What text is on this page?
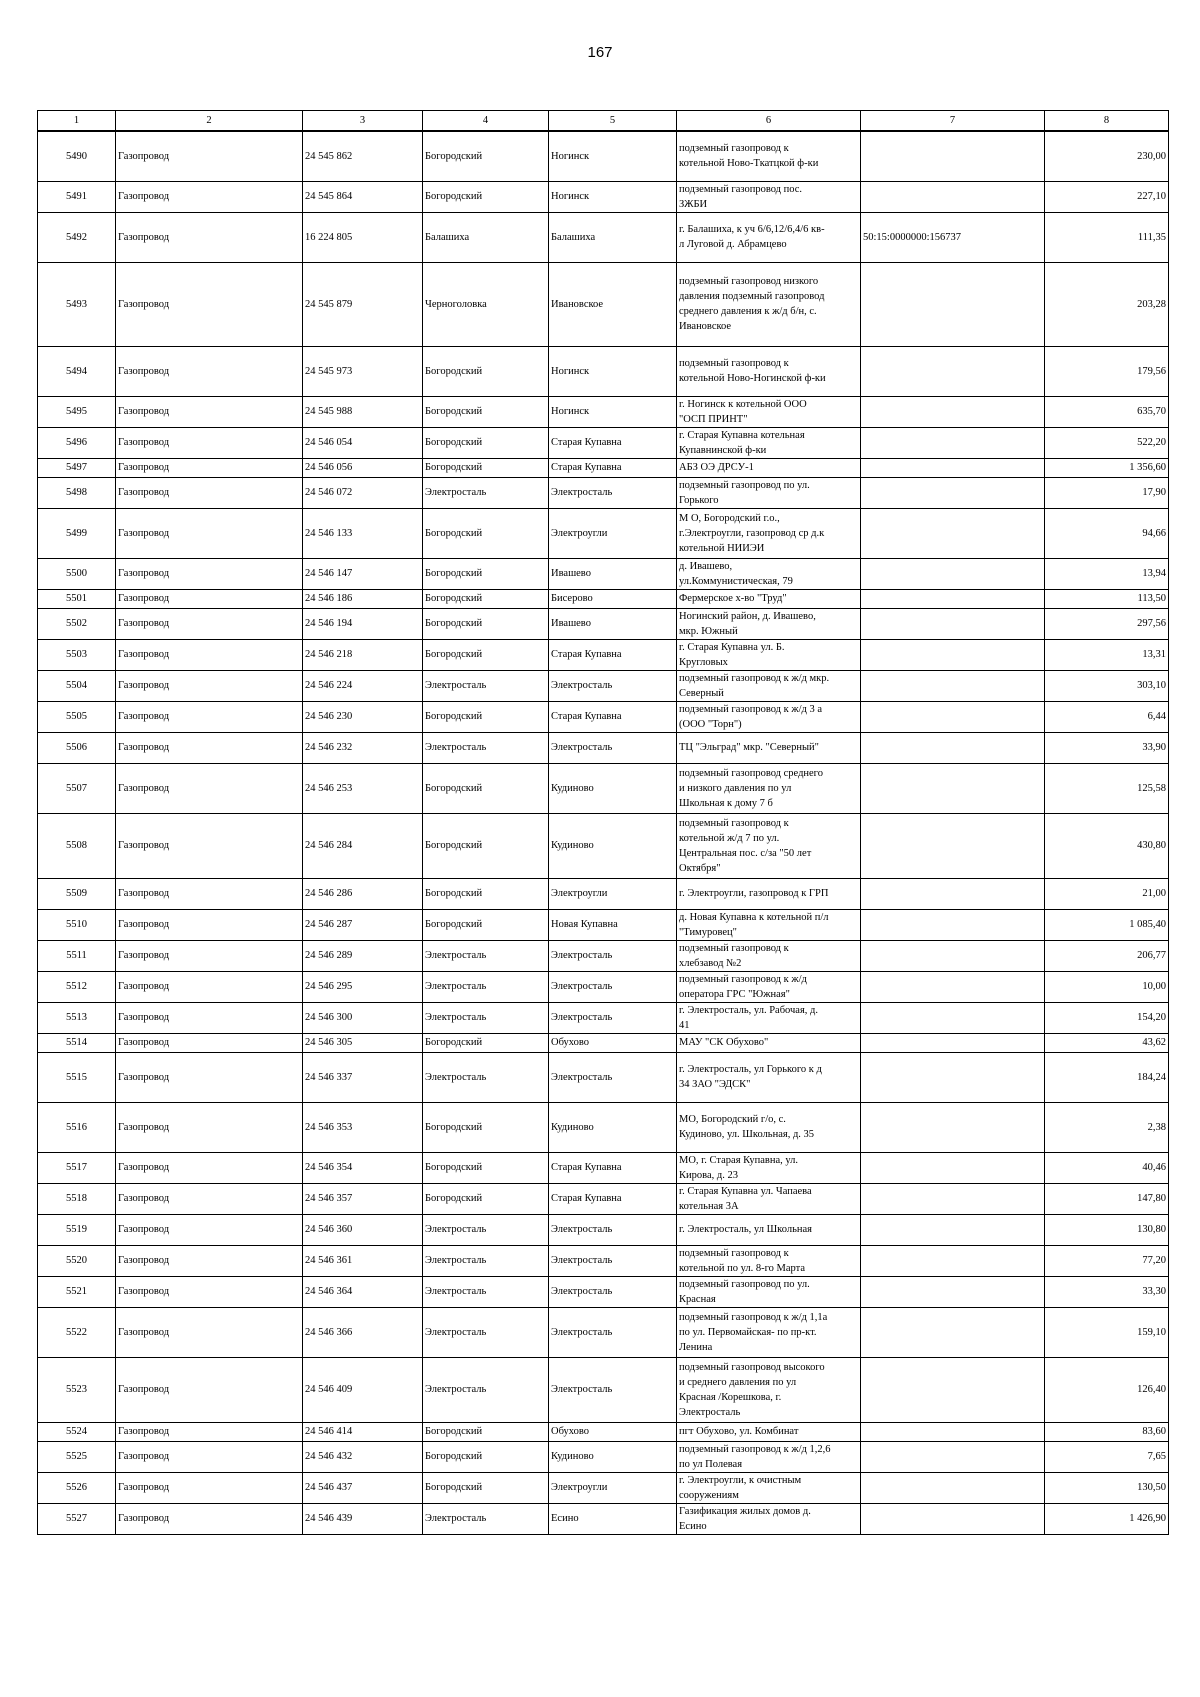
167
1	2	3	4	5	6	7	8
5490	Газопровод	24 545 862	Богородский	Ногинск	подземный газопровод к
котельной Ново-Ткатцкой ф-ки		230,00
5491	Газопровод	24 545 864	Богородский	Ногинск	подземный газопровод пос.
ЗЖБИ		227,10
5492	Газопровод	16 224 805	Балашиха	Балашиха	г. Балашиха, к уч 6/6,12/6,4/6 кв-
л Луговой д. Абрамцево	50:15:0000000:156737	111,35
5493	Газопровод	24 545 879	Черноголовка	Ивановское	подземный газопровод низкого
давления подземный газопровод
среднего давления к ж/д б/н, с.
Ивановское		203,28
5494	Газопровод	24 545 973	Богородский	Ногинск	подземный газопровод к
котельной Ново-Ногинской ф-ки		179,56
5495	Газопровод	24 545 988	Богородский	Ногинск	г. Ногинск к котельной ООО
"ОСП ПРИНТ"		635,70
5496	Газопровод	24 546 054	Богородский	Старая Купавна	г. Старая Купавна котельная
Купавнинской ф-ки		522,20
5497	Газопровод	24 546 056	Богородский	Старая Купавна	АБЗ ОЭ ДРСУ-1		1 356,60
5498	Газопровод	24 546 072	Электросталь	Электросталь	подземный газопровод по ул.
Горького		17,90
5499	Газопровод	24 546 133	Богородский	Электроугли	М О, Богородский г.о.,
г.Электроугли, газопровод ср д.к
котельной НИИЭИ		94,66
5500	Газопровод	24 546 147	Богородский	Ивашево	д. Ивашево,
ул.Коммунистическая, 79		13,94
5501	Газопровод	24 546 186	Богородский	Бисерово	Фермерское х-во "Труд"		113,50
5502	Газопровод	24 546 194	Богородский	Ивашево	Ногинский район, д. Ивашево,
мкр. Южный		297,56
5503	Газопровод	24 546 218	Богородский	Старая Купавна	г. Старая Купавна ул. Б.
Кругловых		13,31
5504	Газопровод	24 546 224	Электросталь	Электросталь	подземный газопровод к ж/д мкр.
Северный		303,10
5505	Газопровод	24 546 230	Богородский	Старая Купавна	подземный газопровод к ж/д 3 а
(ООО "Торн")		6,44
5506	Газопровод	24 546 232	Электросталь	Электросталь	ТЦ "Эльград" мкр. "Северный"		33,90
5507	Газопровод	24 546 253	Богородский	Кудиново	подземный газопровод среднего
и низкого давления по ул
Школьная к дому 7 б		125,58
5508	Газопровод	24 546 284	Богородский	Кудиново	подземный газопровод к
котельной ж/д 7 по ул.
Центральная пос. с/за "50 лет
Октября"		430,80
5509	Газопровод	24 546 286	Богородский	Электроугли	г. Электроугли, газопровод к ГРП		21,00
5510	Газопровод	24 546 287	Богородский	Новая Купавна	д. Новая Купавна к котельной п/л
"Тимуровец"		1 085,40
5511	Газопровод	24 546 289	Электросталь	Электросталь	подземный газопровод к
хлебзавод №2		206,77
5512	Газопровод	24 546 295	Электросталь	Электросталь	подземный газопровод к ж/д
оператора ГРС "Южная"		10,00
5513	Газопровод	24 546 300	Электросталь	Электросталь	г. Электросталь, ул. Рабочая, д.
41		154,20
5514	Газопровод	24 546 305	Богородский	Обухово	МАУ "СК Обухово"		43,62
5515	Газопровод	24 546 337	Электросталь	Электросталь	г. Электросталь, ул Горького к д
34 ЗАО "ЭДСК"		184,24
5516	Газопровод	24 546 353	Богородский	Кудиново	МО, Богородский г/о, с.
Кудиново, ул. Школьная, д. 35		2,38
5517	Газопровод	24 546 354	Богородский	Старая Купавна	МО, г. Старая Купавна, ул.
Кирова, д. 23		40,46
5518	Газопровод	24 546 357	Богородский	Старая Купавна	г. Старая Купавна ул. Чапаева
котельная 3А		147,80
5519	Газопровод	24 546 360	Электросталь	Электросталь	г. Электросталь, ул Школьная		130,80
5520	Газопровод	24 546 361	Электросталь	Электросталь	подземный газопровод к
котельной по ул. 8-го Марта		77,20
5521	Газопровод	24 546 364	Электросталь	Электросталь	подземный газопровод по ул.
Красная		33,30
5522	Газопровод	24 546 366	Электросталь	Электросталь	подземный газопровод к ж/д 1,1а
по ул. Первомайская- по пр-кт.
Ленина		159,10
5523	Газопровод	24 546 409	Электросталь	Электросталь	подземный газопровод высокого
и среднего давления по ул
Красная /Корешкова, г.
Электросталь		126,40
5524	Газопровод	24 546 414	Богородский	Обухово	пгт Обухово, ул. Комбинат		83,60
5525	Газопровод	24 546 432	Богородский	Кудиново	подземный газопровод к ж/д 1,2,6
по ул Полевая		7,65
5526	Газопровод	24 546 437	Богородский	Электроугли	г. Электроугли, к очистным
сооружениям		130,50
5527	Газопровод	24 546 439	Электросталь	Есино	Газификация жилых домов д.
Есино		1 426,90
